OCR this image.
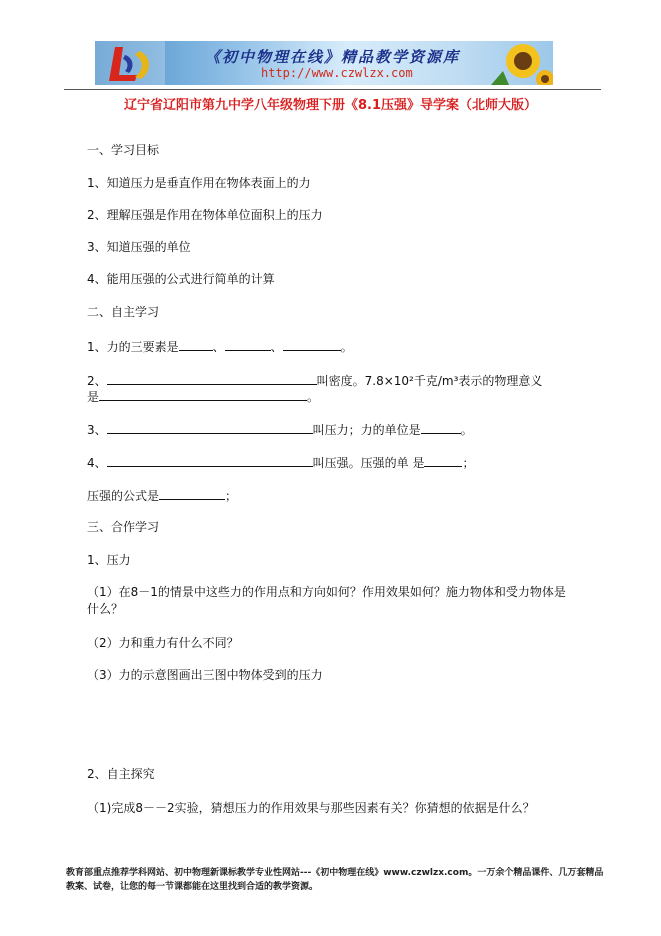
《初中物理在线》精品教学资源库
http://www.czwlzx.com
辽宁省辽阳市第九中学八年级物理下册《8.1压强》导学案（北师大版）
一、学习目标
1、知道压力是垂直作用在物体表面上的力
2、理解压强是作用在物体单位面积上的压力
3、知道压强的单位
4、能用压强的公式进行简单的计算
二、自主学习
1、力的三要素是	、	、	。
2、	叫密度。7.8×10²千克/m³表示的物理意义
是	。
3、	叫压力；力的单位是	。
4、	叫压强。压强的单 是	；
压强的公式是	；
三、合作学习
1、压力
（1）在8－1的情景中这些力的作用点和方向如何？作用效果如何？施力物体和受力物体是什么？
（2）力和重力有什么不同？
（3）力的示意图画出三图中物体受到的压力
2、自主探究
（1)完成8－－2实验，猜想压力的作用效果与那些因素有关？你猜想的依据是什么？
教育部重点推荐学科网站、初中物理新课标教学专业性网站---《初中物理在线》www.czwlzx.com。一万余个精品课件、几万套精品教案、试卷，让您的每一节课都能在这里找到合适的教学资源。
